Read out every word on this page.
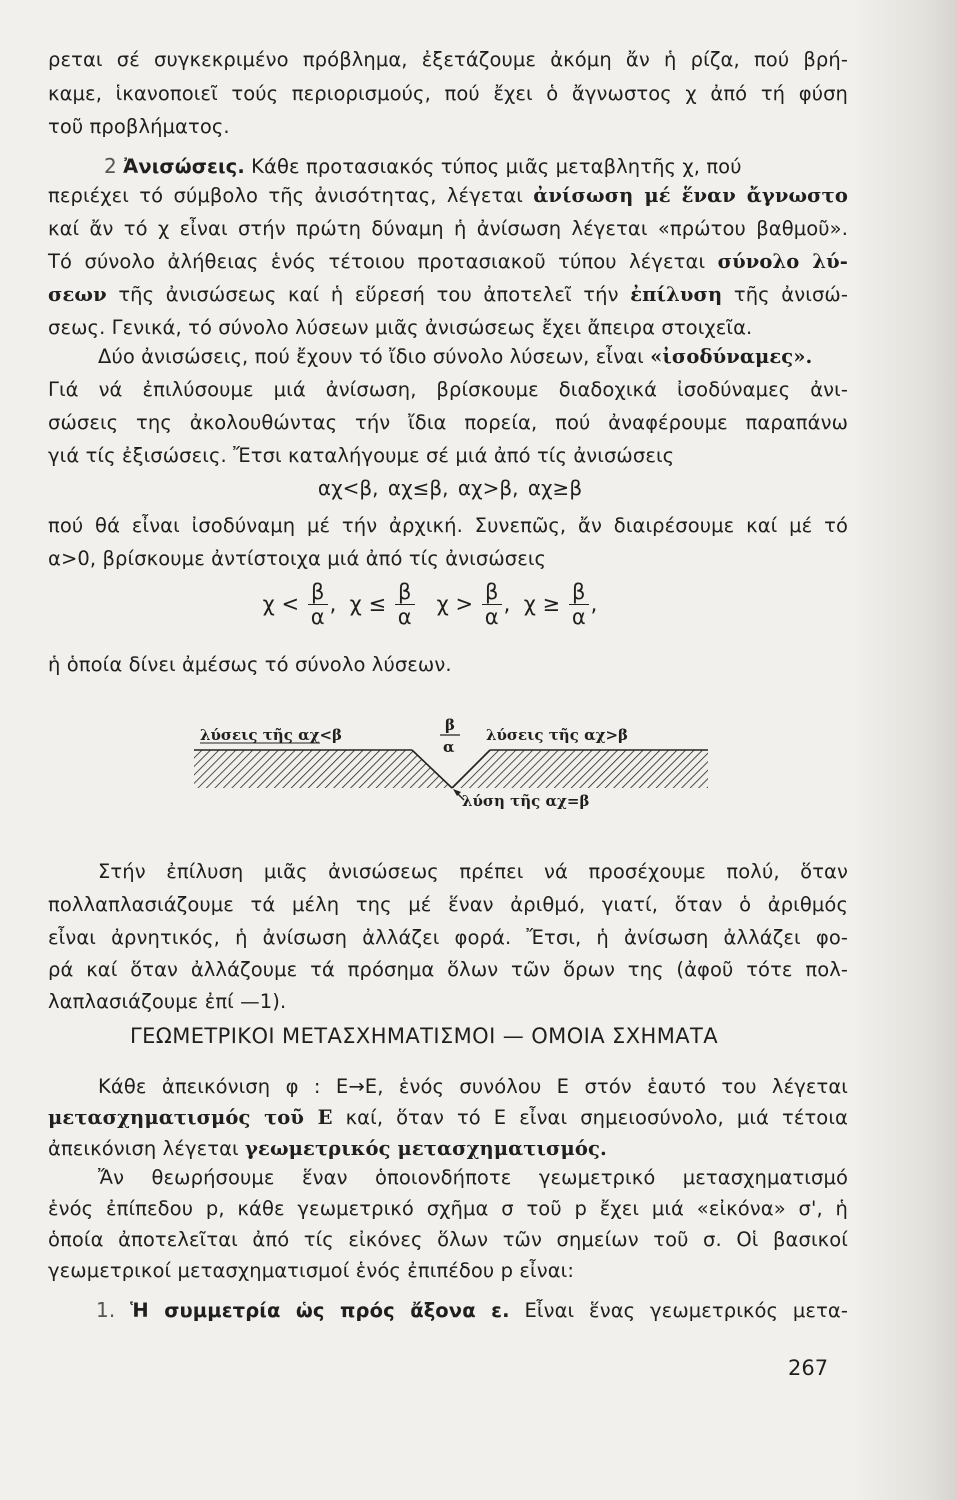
ρεται σέ συγκεκριμένο πρόβλημα, ἐξετάζουμε ἀκόμη ἄν ἡ ρίζα, πού βρή-

καμε, ἱκανοποιεῖ τούς περιορισμούς, πού ἔχει ὁ ἄγνωστος χ ἀπό τή φύση

τοῦ προβλήματος.

2 Ἀνισώσεις. Κάθε προτασιακός τύπος μιᾶς μεταβλητῆς χ, πού

περιέχει τό σύμβολο τῆς ἀνισότητας, λέγεται ἀνίσωση μέ ἕναν ἄγνωστο

καί ἄν τό χ εἶναι στήν πρώτη δύναμη ἡ ἀνίσωση λέγεται «πρώτου βαθμοῦ».

Τό σύνολο ἀλήθειας ἑνός τέτοιου προτασιακοῦ τύπου λέγεται σύνολο λύ-

σεων τῆς ἀνισώσεως καί ἡ εὕρεσή του ἀποτελεῖ τήν ἐπίλυση τῆς ἀνισώ-

σεως. Γενικά, τό σύνολο λύσεων μιᾶς ἀνισώσεως ἔχει ἄπειρα στοιχεῖα.

Δύο ἀνισώσεις, πού ἔχουν τό ἴδιο σύνολο λύσεων, εἶναι «ἰσοδύναμες».

Γιά νά ἐπιλύσουμε μιά ἀνίσωση, βρίσκουμε διαδοχικά ἰσοδύναμες ἀνι-

σώσεις της ἀκολουθώντας τήν ἴδια πορεία, πού ἀναφέρουμε παραπάνω

γιά τίς ἐξισώσεις. Ἔτσι καταλήγουμε σέ μιά ἀπό τίς ἀνισώσεις

αχ<β, αχ≤β, αχ>β, αχ≥β

πού θά εἶναι ἰσοδύναμη μέ τήν ἀρχική. Συνεπῶς, ἄν διαιρέσουμε καί μέ τό

α>0, βρίσκουμε ἀντίστοιχα μιά ἀπό τίς ἀνισώσεις

$\chi < \frac{\beta}{\alpha}$ , $\chi \le \frac{\beta}{\alpha}$ $\chi > \frac{\beta}{\alpha}$ , $\chi \ge \frac{\beta}{\alpha}$ ,

ἡ ὁποία δίνει ἀμέσως τό σύνολο λύσεων.

λύσεις τῆς αχ<β
β
α
λύσεις τῆς αχ>β
λύση τῆς αχ=β

Στήν ἐπίλυση μιᾶς ἀνισώσεως πρέπει νά προσέχουμε πολύ, ὅταν

πολλαπλασιάζουμε τά μέλη της μέ ἕναν ἀριθμό, γιατί, ὅταν ὁ ἀριθμός

εἶναι ἀρνητικός, ἡ ἀνίσωση ἀλλάζει φορά. Ἔτσι, ἡ ἀνίσωση ἀλλάζει φο-

ρά καί ὅταν ἀλλάζουμε τά πρόσημα ὅλων τῶν ὅρων της (ἀφοῦ τότε πολ-

λαπλασιάζουμε ἐπί —1).

ΓΕΩΜΕΤΡΙΚΟΙ ΜΕΤΑΣΧΗΜΑΤΙΣΜΟΙ — ΟΜΟΙΑ ΣΧΗΜΑΤΑ

Κάθε ἀπεικόνιση φ : Ε→Ε, ἑνός συνόλου Ε στόν ἑαυτό του λέγεται

μετασχηματισμός τοῦ Ε καί, ὅταν τό Ε εἶναι σημειοσύνολο, μιά τέτοια

ἀπεικόνιση λέγεται γεωμετρικός μετασχηματισμός.

Ἄν θεωρήσουμε ἕναν ὁποιονδήποτε γεωμετρικό μετασχηματισμό

ἑνός ἐπίπεδου p, κάθε γεωμετρικό σχῆμα σ τοῦ p ἔχει μιά «εἰκόνα» σ', ἡ

ὁποία ἀποτελεῖται ἀπό τίς εἰκόνες ὅλων τῶν σημείων τοῦ σ. Οἱ βασικοί

γεωμετρικοί μετασχηματισμοί ἑνός ἐπιπέδου p εἶναι:

1. Ἡ συμμετρία ὡς πρός ἄξονα ε. Εἶναι ἕνας γεωμετρικός μετα-

267
